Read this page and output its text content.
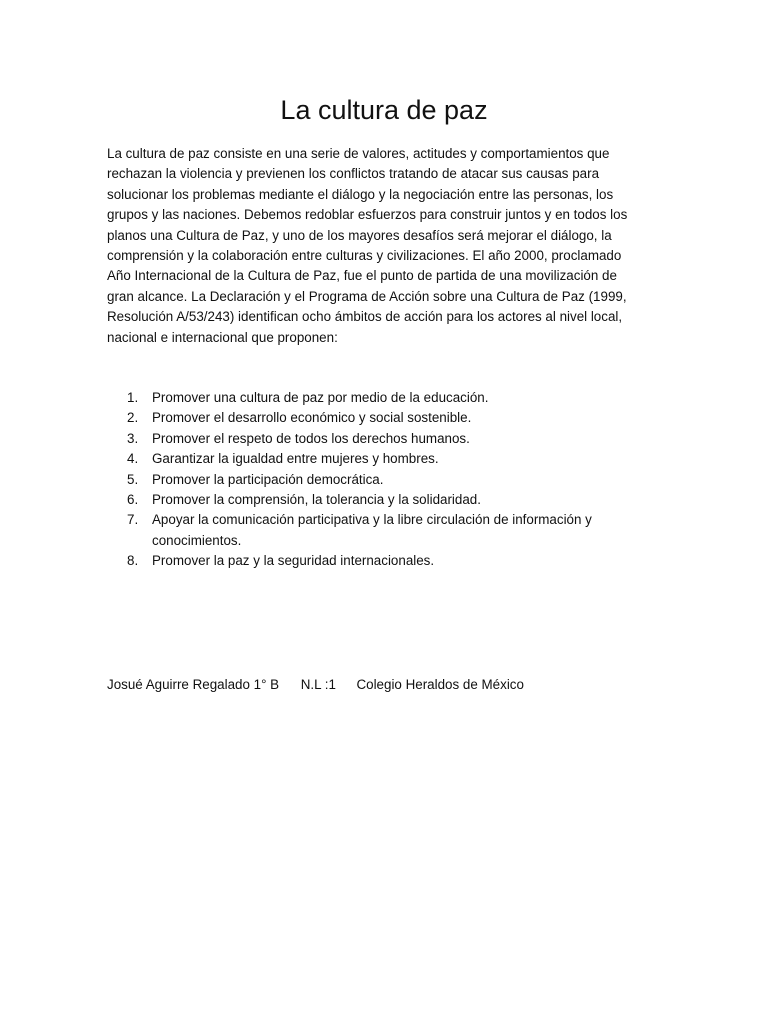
La cultura de paz

La cultura de paz consiste en una serie de valores, actitudes y comportamientos que rechazan la violencia y previenen los conflictos tratando de atacar sus causas para solucionar los problemas mediante el diálogo y la negociación entre las personas, los grupos y las naciones. Debemos redoblar esfuerzos para construir juntos y en todos los planos una Cultura de Paz, y uno de los mayores desafíos será mejorar el diálogo, la comprensión y la colaboración entre culturas y civilizaciones. El año 2000, proclamado Año Internacional de la Cultura de Paz, fue el punto de partida de una movilización de gran alcance. La Declaración y el Programa de Acción sobre una Cultura de Paz (1999, Resolución A/53/243) identifican ocho ámbitos de acción para los actores al nivel local, nacional e internacional que proponen:

1. Promover una cultura de paz por medio de la educación.
2. Promover el desarrollo económico y social sostenible.
3. Promover el respeto de todos los derechos humanos.
4. Garantizar la igualdad entre mujeres y hombres.
5. Promover la participación democrática.
6. Promover la comprensión, la tolerancia y la solidaridad.
7. Apoyar la comunicación participativa y la libre circulación de información y conocimientos.
8. Promover la paz y la seguridad internacionales.
Josué Aguirre Regalado 1° B N.L :1 Colegio Heraldos de México
